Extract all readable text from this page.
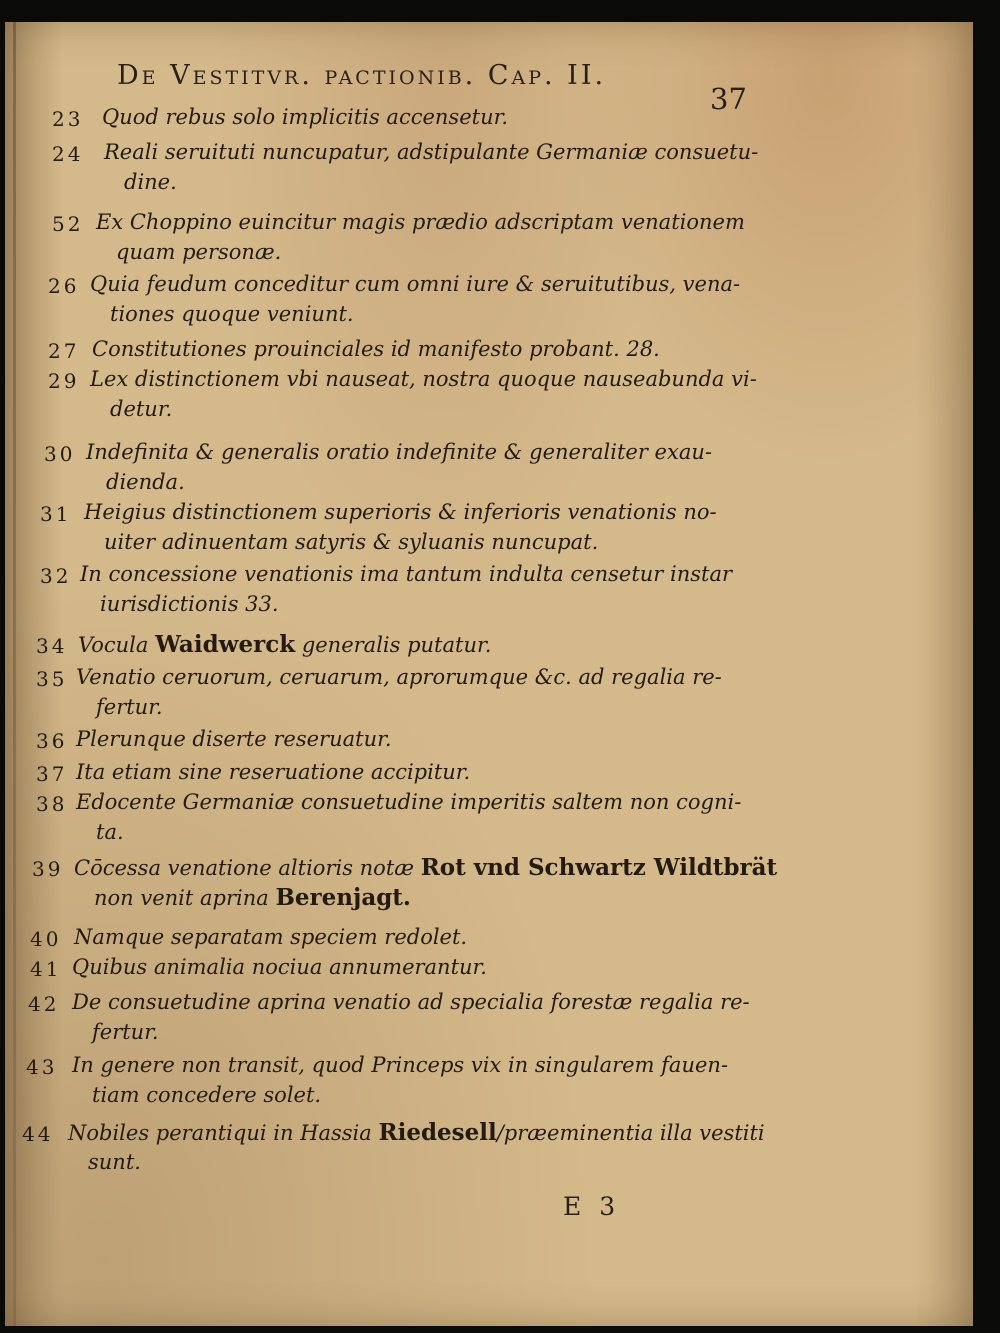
De Vestitvr. pactionib. Cap. II.
37
23 Quod rebus solo implicitis accensetur.
24 Reali seruituti nuncupatur, adstipulante Germaniæ consuetu-
dine.
52 Ex Choppino euincitur magis prædio adscriptam venationem
quam personæ.
26 Quia feudum conceditur cum omni iure & seruitutibus, vena-
tiones quoque veniunt.
27 Constitutiones prouinciales id manifesto probant. 28.
29 Lex distinctionem vbi nauseat, nostra quoque nauseabunda vi-
detur.
30 Indefinita & generalis oratio indefinite & generaliter exau-
dienda.
31 Heigius distinctionem superioris & inferioris venationis no-
uiter adinuentam satyris & syluanis nuncupat.
32 In concessione venationis ima tantum indulta censetur instar
iurisdictionis 33.
34 Vocula Waidwerck generalis putatur.
35 Venatio ceruorum, ceruarum, aprorumque &c. ad regalia re-
fertur.
36 Plerunque diserte reseruatur.
37 Ita etiam sine reseruatione accipitur.
38 Edocente Germaniæ consuetudine imperitis saltem non cogni-
ta.
39 Cōcessa venatione altioris notæ Rot vnd Schwartz Wildtbrät
non venit aprina Berenjagt.
40 Namque separatam speciem redolet.
41 Quibus animalia nociua annumerantur.
42 De consuetudine aprina venatio ad specialia forestæ regalia re-
fertur.
43 In genere non transit, quod Princeps vix in singularem fauen-
tiam concedere solet.
44 Nobiles perantiqui in Hassia Riedesell/præeminentia illa vestiti
sunt.
E3
